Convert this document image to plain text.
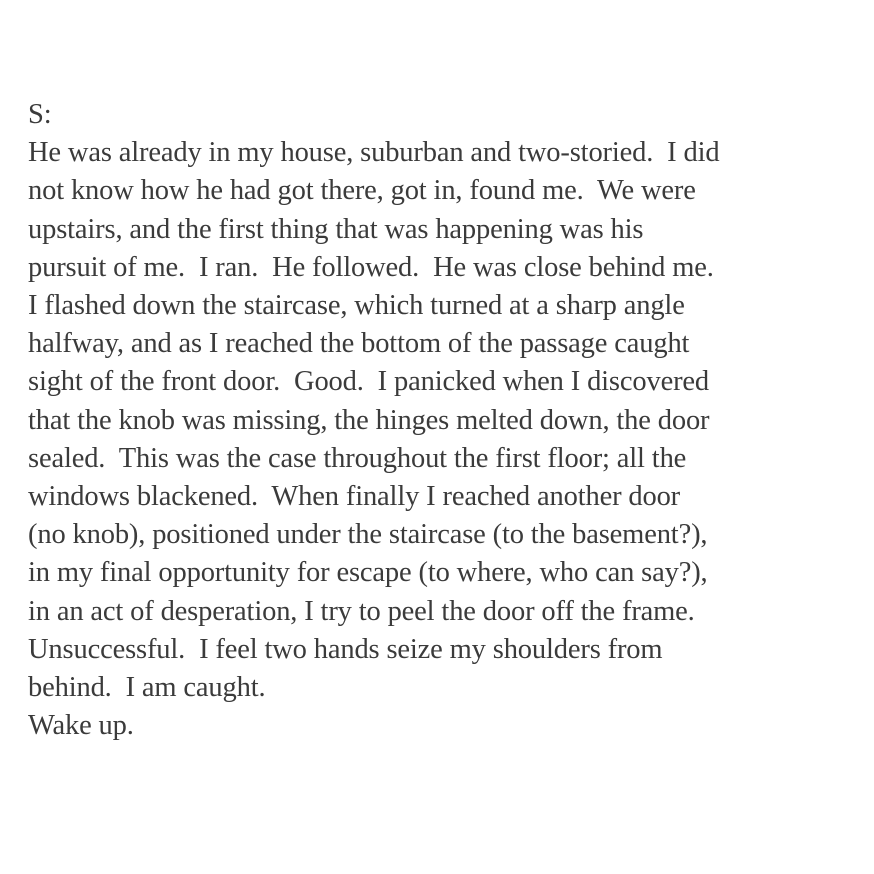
S:
He was already in my house, suburban and two-storied.  I did
not know how he had got there, got in, found me.  We were
upstairs, and the first thing that was happening was his
pursuit of me.  I ran.  He followed.  He was close behind me.
I flashed down the staircase, which turned at a sharp angle
halfway, and as I reached the bottom of the passage caught
sight of the front door.  Good.  I panicked when I discovered
that the knob was missing, the hinges melted down, the door
sealed.  This was the case throughout the first floor; all the
windows blackened.  When finally I reached another door
(no knob), positioned under the staircase (to the basement?),
in my final opportunity for escape (to where, who can say?),
in an act of desperation, I try to peel the door off the frame.
Unsuccessful.  I feel two hands seize my shoulders from
behind.  I am caught.
Wake up.
